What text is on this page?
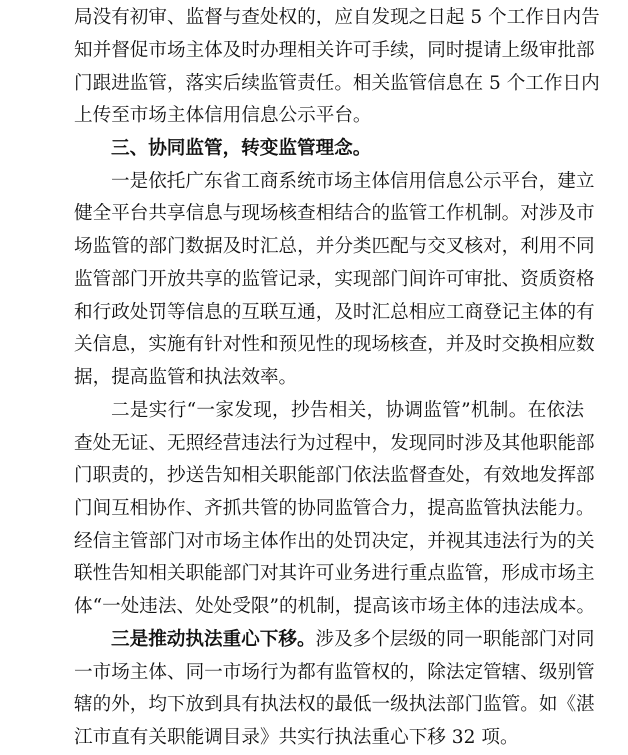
局没有初审、监督与查处权的，应自发现之日起 5 个工作日内告
知并督促市场主体及时办理相关许可手续，同时提请上级审批部
门跟进监管，落实后续监管责任。相关监管信息在 5 个工作日内
上传至市场主体信用信息公示平台。
三、协同监管，转变监管理念。
一是依托广东省工商系统市场主体信用信息公示平台，建立
健全平台共享信息与现场核查相结合的监管工作机制。对涉及市
场监管的部门数据及时汇总，并分类匹配与交叉核对，利用不同
监管部门开放共享的监管记录，实现部门间许可审批、资质资格
和行政处罚等信息的互联互通，及时汇总相应工商登记主体的有
关信息，实施有针对性和预见性的现场核查，并及时交换相应数
据，提高监管和执法效率。
二是实行“一家发现，抄告相关，协调监管”机制。在依法
查处无证、无照经营违法行为过程中，发现同时涉及其他职能部
门职责的，抄送告知相关职能部门依法监督查处，有效地发挥部
门间互相协作、齐抓共管的协同监管合力，提高监管执法能力。
经信主管部门对市场主体作出的处罚决定，并视其违法行为的关
联性告知相关职能部门对其许可业务进行重点监管，形成市场主
体“一处违法、处处受限”的机制，提高该市场主体的违法成本。
三是推动执法重心下移。涉及多个层级的同一职能部门对同
一市场主体、同一市场行为都有监管权的，除法定管辖、级别管
辖的外，均下放到具有执法权的最低一级执法部门监管。如《湛
江市直有关职能调目录》共实行执法重心下移 32 项。
